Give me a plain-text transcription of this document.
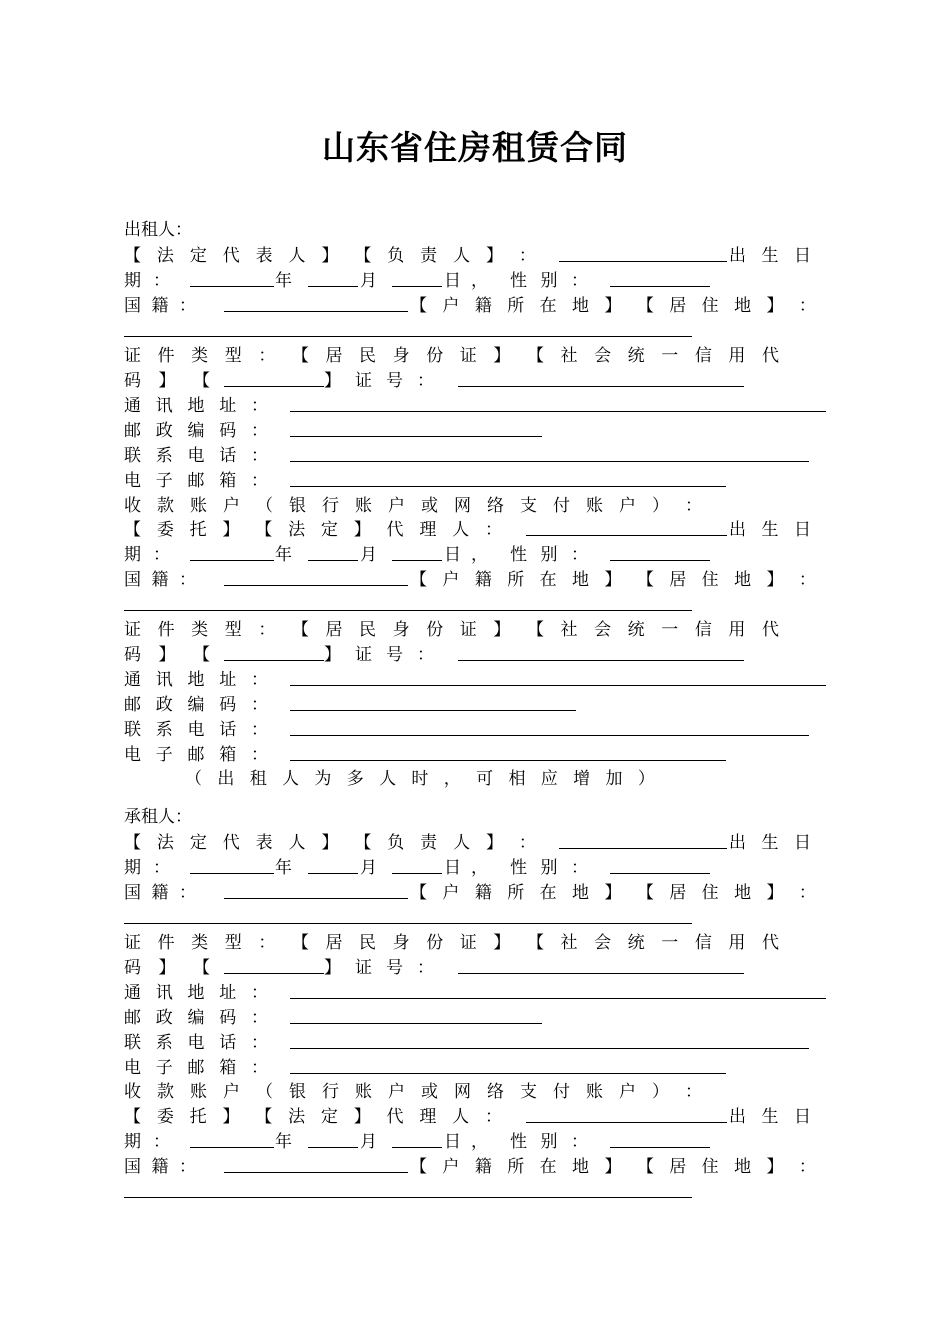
山东省住房租赁合同
出租人：
【 法 定 代 表 人 】 【 负 责 人 】 ：	出 生 日
期 ：	年	月	日 ， 性 别 ：
国 籍 ：	【 户 籍 所 在 地 】 【 居 住 地 】 ：
证 件 类 型 ： 【 居 民 身 份 证 】 【 社 会 统 一 信 用 代
码 】 【	】 证 号 ：
通 讯 地 址 ：
邮 政 编 码 ：
联 系 电 话 ：
电 子 邮 箱 ：
收 款 账 户 （ 银 行 账 户 或 网 络 支 付 账 户 ） ：
【 委 托 】 【 法 定 】 代 理 人 ：	出 生 日
期 ：	年	月	日 ， 性 别 ：
国 籍 ：	【 户 籍 所 在 地 】 【 居 住 地 】 ：
证 件 类 型 ： 【 居 民 身 份 证 】 【 社 会 统 一 信 用 代
码 】 【	】 证 号 ：
通 讯 地 址 ：
邮 政 编 码 ：
联 系 电 话 ：
电 子 邮 箱 ：
（ 出 租 人 为 多 人 时 ， 可 相 应 增 加 ）
承租人：
【 法 定 代 表 人 】 【 负 责 人 】 ：	出 生 日
期 ：	年	月	日 ， 性 别 ：
国 籍 ：	【 户 籍 所 在 地 】 【 居 住 地 】 ：
证 件 类 型 ： 【 居 民 身 份 证 】 【 社 会 统 一 信 用 代
码 】 【	】 证 号 ：
通 讯 地 址 ：
邮 政 编 码 ：
联 系 电 话 ：
电 子 邮 箱 ：
收 款 账 户 （ 银 行 账 户 或 网 络 支 付 账 户 ） ：
【 委 托 】 【 法 定 】 代 理 人 ：	出 生 日
期 ：	年	月	日 ， 性 别 ：
国 籍 ：	【 户 籍 所 在 地 】 【 居 住 地 】 ：
